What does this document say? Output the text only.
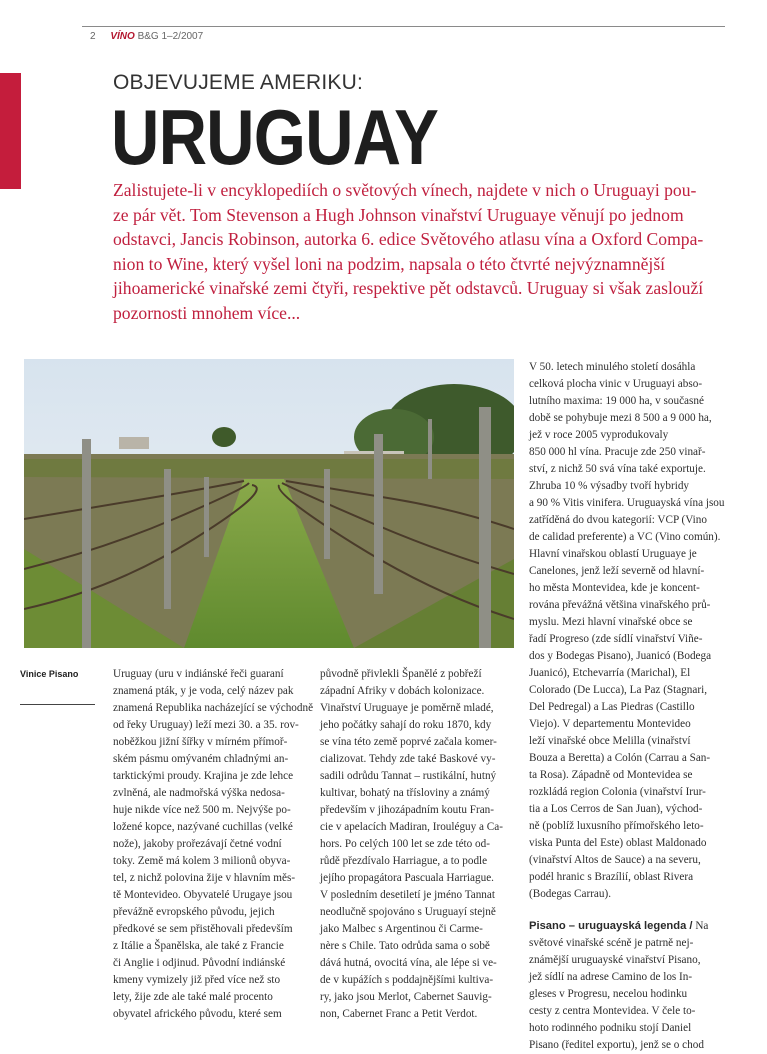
2 VÍNO B&G 1–2/2007
OBJEVUJEME AMERIKU:
URUGUAY

Zalistujete-li v encyklopediích o světových vínech, najdete v nich o Uruguayi pou-

ze pár vět. Tom Stevenson a Hugh Johnson vinařství Uruguaye věnují po jednom

odstavci, Jancis Robinson, autorka 6. edice Světového atlasu vína a Oxford Compa-

nion to Wine, který vyšel loni na podzim, napsala o této čtvrté nejvýznamnější

jihoamerické vinařské zemi čtyři, respektive pět odstavců. Uruguay si však zaslouží

pozornosti mnohem více...

Vinice Pisano	Uruguay (uru v indiánské řeči guaraní
znamená pták, y je voda, celý název pak
znamená Republika nacházející se východně
od řeky Uruguay) leží mezi 30. a 35. rov-
noběžkou jižní šířky v mírném přímoř-
ském pásmu omývaném chladnými an-
tarktickými proudy. Krajina je zde lehce
zvlněná, ale nadmořská výška nedosa-
huje nikde více než 500 m. Nejvýše po-
ložené kopce, nazývané cuchillas (velké
nože), jakoby prořezávají četné vodní
toky. Země má kolem 3 milionů obyva-
tel, z nichž polovina žije v hlavním měs-
tě Montevideo. Obyvatelé Urugaye jsou
převážně evropského původu, jejich
předkové se sem přistěhovali především
z Itálie a Španělska, ale také z Francie
či Anglie i odjinud. Původní indiánské
kmeny vymizely již před více než sto
lety, žije zde ale také malé procento
obyvatel afrického původu, které sem
původně přivlekli Španělé z pobřeží
západní Afriky v dobách kolonizace.
Vinařství Uruguaye je poměrně mladé,
jeho počátky sahají do roku 1870, kdy
se vína této země poprvé začala komer-
cializovat. Tehdy zde také Baskové vy-
sadili odrůdu Tannat – rustikální, hutný
kultivar, bohatý na třísloviny a známý
především v jihozápadním koutu Fran-
cie v apelacích Madiran, Irouléguy a Ca-
hors. Po celých 100 let se zde této od-
růdě přezdívalo Harriague, a to podle
jejího propagátora Pascuala Harriague.
V posledním desetiletí je jméno Tannat
neodlučně spojováno s Uruguayí stejně
jako Malbec s Argentinou či Carme-
nère s Chile. Tato odrůda sama o sobě
dává hutná, ovocitá vína, ale lépe si ve-
de v kupážích s poddajnějšími kultiva-
ry, jako jsou Merlot, Cabernet Sauvig-
non, Cabernet Franc a Petit Verdot.
V 50. letech minulého století dosáhla
celková plocha vinic v Uruguayi abso-
lutního maxima: 19 000 ha, v současné
době se pohybuje mezi 8 500 a 9 000 ha,
jež v roce 2005 vyprodukovaly
850 000 hl vína. Pracuje zde 250 vinař-
ství, z nichž 50 svá vína také exportuje.
Zhruba 10 % výsadby tvoří hybridy
a 90 % Vitis vinifera. Uruguayská vína jsou
zatříděná do dvou kategorií: VCP (Vino
de calidad preferente) a VC (Vino común).
Hlavní vinařskou oblastí Uruguaye je
Canelones, jenž leží severně od hlavní-
ho města Montevidea, kde je koncent-
rována převážná většina vinařského prů-
myslu. Mezi hlavní vinařské obce se
řadí Progreso (zde sídlí vinařství Viñe-
dos y Bodegas Pisano), Juanicó (Bodega
Juanicó), Etchevarría (Marichal), El
Colorado (De Lucca), La Paz (Stagnari,
Del Pedregal) a Las Piedras (Castillo
Viejo). V departementu Montevideo
leží vinařské obce Melilla (vinařství
Bouza a Beretta) a Colón (Carrau a San-
ta Rosa). Západně od Montevidea se
rozkládá region Colonia (vinařství Irur-
tia a Los Cerros de San Juan), východ-
ně (poblíž luxusního přímořského leto-
viska Punta del Este) oblast Maldonado
(vinařství Altos de Sauce) a na severu,
podél hranic s Brazílií, oblast Rivera
(Bodegas Carrau).
Pisano – uruguayská legenda / Na
světové vinařské scéně je patrně nej-
známější uruguayské vinařství Pisano,
jež sídlí na adrese Camino de los In-
gleses v Progresu, necelou hodinku
cesty z centra Montevidea. V čele to-
hoto rodinného podniku stojí Daniel
Pisano (ředitel exportu), jenž se o chod
